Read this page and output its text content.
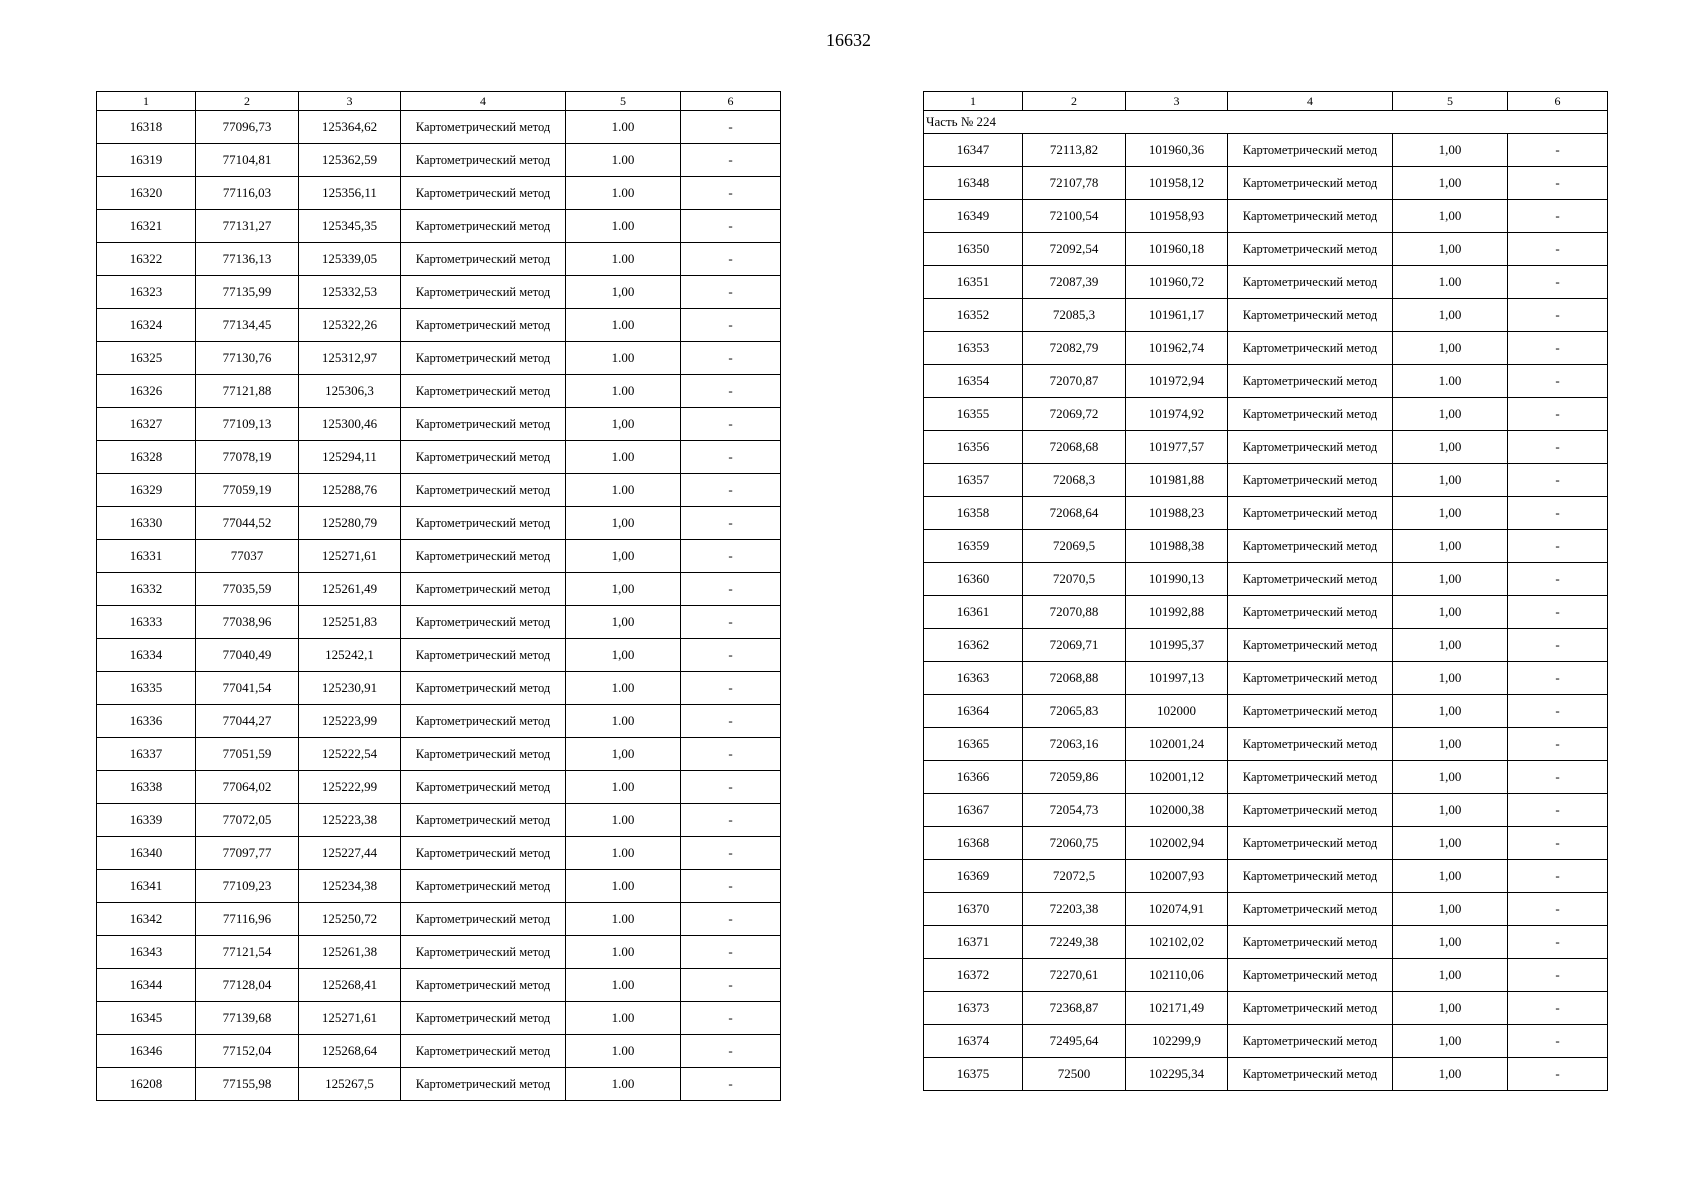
16632
1	2	3	4	5	6
16318	77096,73	125364,62	Картометрический метод	1.00	-
16319	77104,81	125362,59	Картометрический метод	1.00	-
16320	77116,03	125356,11	Картометрический метод	1.00	-
16321	77131,27	125345,35	Картометрический метод	1.00	-
16322	77136,13	125339,05	Картометрический метод	1.00	-
16323	77135,99	125332,53	Картометрический метод	1,00	-
16324	77134,45	125322,26	Картометрический метод	1.00	-
16325	77130,76	125312,97	Картометрический метод	1.00	-
16326	77121,88	125306,3	Картометрический метод	1.00	-
16327	77109,13	125300,46	Картометрический метод	1,00	-
16328	77078,19	125294,11	Картометрический метод	1.00	-
16329	77059,19	125288,76	Картометрический метод	1.00	-
16330	77044,52	125280,79	Картометрический метод	1,00	-
16331	77037	125271,61	Картометрический метод	1,00	-
16332	77035,59	125261,49	Картометрический метод	1,00	-
16333	77038,96	125251,83	Картометрический метод	1,00	-
16334	77040,49	125242,1	Картометрический метод	1,00	-
16335	77041,54	125230,91	Картометрический метод	1.00	-
16336	77044,27	125223,99	Картометрический метод	1.00	-
16337	77051,59	125222,54	Картометрический метод	1,00	-
16338	77064,02	125222,99	Картометрический метод	1.00	-
16339	77072,05	125223,38	Картометрический метод	1.00	-
16340	77097,77	125227,44	Картометрический метод	1.00	-
16341	77109,23	125234,38	Картометрический метод	1.00	-
16342	77116,96	125250,72	Картометрический метод	1.00	-
16343	77121,54	125261,38	Картометрический метод	1.00	-
16344	77128,04	125268,41	Картометрический метод	1.00	-
16345	77139,68	125271,61	Картометрический метод	1.00	-
16346	77152,04	125268,64	Картометрический метод	1.00	-
16208	77155,98	125267,5	Картометрический метод	1.00	-
1	2	3	4	5	6
Часть № 224					
16347	72113,82	101960,36	Картометрический метод	1,00	-
16348	72107,78	101958,12	Картометрический метод	1,00	-
16349	72100,54	101958,93	Картометрический метод	1,00	-
16350	72092,54	101960,18	Картометрический метод	1,00	-
16351	72087,39	101960,72	Картометрический метод	1.00	-
16352	72085,3	101961,17	Картометрический метод	1,00	-
16353	72082,79	101962,74	Картометрический метод	1,00	-
16354	72070,87	101972,94	Картометрический метод	1.00	-
16355	72069,72	101974,92	Картометрический метод	1,00	-
16356	72068,68	101977,57	Картометрический метод	1,00	-
16357	72068,3	101981,88	Картометрический метод	1,00	-
16358	72068,64	101988,23	Картометрический метод	1,00	-
16359	72069,5	101988,38	Картометрический метод	1,00	-
16360	72070,5	101990,13	Картометрический метод	1,00	-
16361	72070,88	101992,88	Картометрический метод	1,00	-
16362	72069,71	101995,37	Картометрический метод	1,00	-
16363	72068,88	101997,13	Картометрический метод	1,00	-
16364	72065,83	102000	Картометрический метод	1,00	-
16365	72063,16	102001,24	Картометрический метод	1,00	-
16366	72059,86	102001,12	Картометрический метод	1,00	-
16367	72054,73	102000,38	Картометрический метод	1,00	-
16368	72060,75	102002,94	Картометрический метод	1,00	-
16369	72072,5	102007,93	Картометрический метод	1,00	-
16370	72203,38	102074,91	Картометрический метод	1,00	-
16371	72249,38	102102,02	Картометрический метод	1,00	-
16372	72270,61	102110,06	Картометрический метод	1,00	-
16373	72368,87	102171,49	Картометрический метод	1,00	-
16374	72495,64	102299,9	Картометрический метод	1,00	-
16375	72500	102295,34	Картометрический метод	1,00	-
